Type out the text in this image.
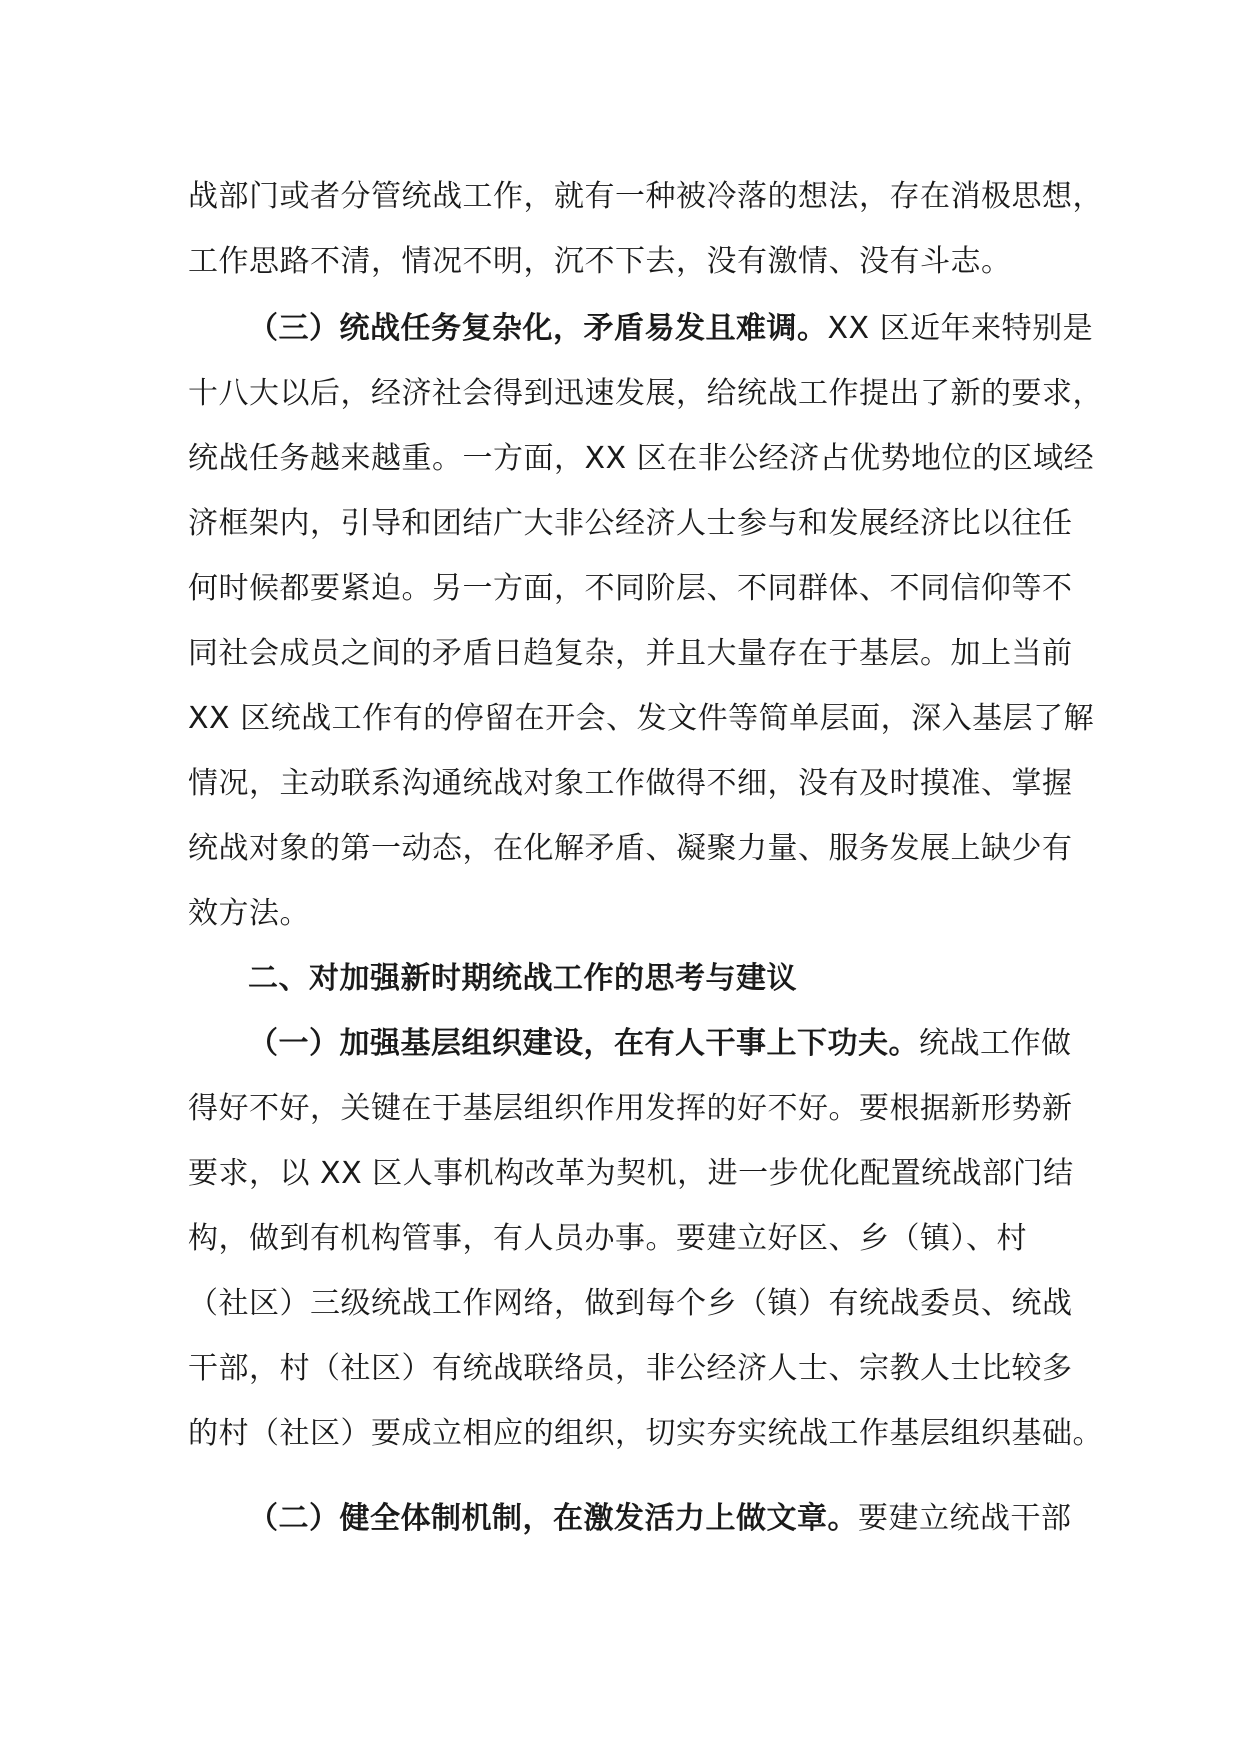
战部门或者分管统战工作，就有一种被冷落的想法，存在消极思想，
工作思路不清，情况不明，沉不下去，没有激情、没有斗志。
（三）统战任务复杂化，矛盾易发且难调。XX 区近年来特别是
十八大以后，经济社会得到迅速发展，给统战工作提出了新的要求，
统战任务越来越重。一方面，XX 区在非公经济占优势地位的区域经
济框架内，引导和团结广大非公经济人士参与和发展经济比以往任
何时候都要紧迫。另一方面，不同阶层、不同群体、不同信仰等不
同社会成员之间的矛盾日趋复杂，并且大量存在于基层。加上当前
XX 区统战工作有的停留在开会、发文件等简单层面，深入基层了解
情况，主动联系沟通统战对象工作做得不细，没有及时摸准、掌握
统战对象的第一动态，在化解矛盾、凝聚力量、服务发展上缺少有
效方法。
二、对加强新时期统战工作的思考与建议
（一）加强基层组织建设，在有人干事上下功夫。统战工作做
得好不好，关键在于基层组织作用发挥的好不好。要根据新形势新
要求，以 XX 区人事机构改革为契机，进一步优化配置统战部门结
构，做到有机构管事，有人员办事。要建立好区、乡（镇）、村
（社区）三级统战工作网络，做到每个乡（镇）有统战委员、统战
干部，村（社区）有统战联络员，非公经济人士、宗教人士比较多
的村（社区）要成立相应的组织，切实夯实统战工作基层组织基础。
（二）健全体制机制，在激发活力上做文章。要建立统战干部
